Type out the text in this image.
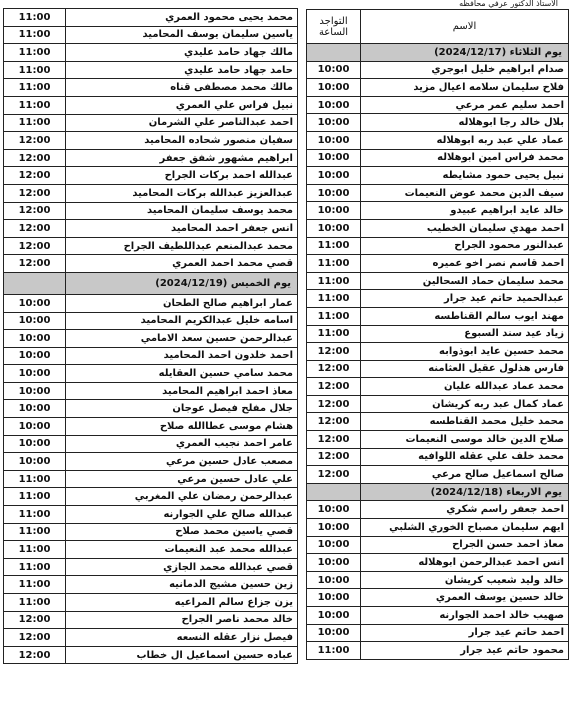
الأستاذ الدكتور عرفي محافظه
التواجد
الساعة	الاسم
	يوم الثلاثاء (2024/12/17)
10:00	صدام ابراهيم خليل ابوجري
10:00	فلاح سليمان سلامه اعيال مزيد
10:00	احمد سليم عمر مرعي
10:00	بلال خالد رجا ابوهلاله
10:00	عماد علي عبد ربه ابوهلاله
10:00	محمد فراس امين ابوهلاله
10:00	نبيل يحيى حمود مشايطه
10:00	سيف الدين محمد عوض النعيمات
10:00	خالد عايد ابراهيم عبيدو
10:00	احمد مهدي سليمان الخطيب
11:00	عبدالنور محمود الجراح
11:00	احمد قاسم نصر اخو عميره
11:00	محمد سليمان حماد السحالين
11:00	عبدالحميد حاتم عيد جرار
11:00	مهند ايوب سالم القناطسه
11:00	زياد عيد سند السبوع
12:00	محمد حسين عايد ابوذوابه
12:00	فارس هذلول عقيل العثامنه
12:00	محمد عماد عبدالله عليان
12:00	عماد كمال عبد ربه كريشان
12:00	محمد خليل محمد القناطسه
12:00	صلاح الدين خالد موسى النعيمات
12:00	محمد خلف علي عقله اللوافيه
12:00	صالح اسماعيل صالح مرعي
	يوم الاربعاء (2024/12/18)
10:00	احمد جعفر راسم شكري
10:00	ايهم سليمان مصباح الخوري الشلبي
10:00	معاذ احمد حسن الجراح
10:00	انس احمد عبدالرحمن ابوهلاله
10:00	خالد وليد شعيب كريشان
10:00	خالد حسين يوسف العمري
10:00	صهيب خالد احمد الجوارنه
10:00	احمد حاتم عيد جرار
11:00	محمود حاتم عيد جرار
11:00	محمد يحيى محمود العمري
11:00	ياسين سليمان يوسف المحاميد
11:00	مالك جهاد حامد عليدي
11:00	حامد جهاد حامد عليدي
11:00	مالك محمد مصطفى قناه
11:00	نبيل فراس علي العمري
11:00	احمد عبدالناصر علي الشرمان
12:00	سفيان منصور شحاده المحاميد
12:00	ابراهيم مشهور شفق جعفر
12:00	عبدالله احمد بركات الجراح
12:00	عبدالعزيز عبدالله بركات المحاميد
12:00	محمد يوسف سليمان المحاميد
12:00	انس جعفر احمد المحاميد
12:00	محمد عبدالمنعم عبداللطيف الجراح
12:00	قصي محمد احمد العمري
	يوم الخميس (2024/12/19)
10:00	عمار ابراهيم صالح الطحان
10:00	اسامه خليل عبدالكريم المحاميد
10:00	عبدالرحمن حسين سعد الامامي
10:00	احمد خلدون احمد المحاميد
10:00	محمد سامي حسين العقايله
10:00	معاذ احمد ابراهيم المحاميد
10:00	جلال مفلح فيصل عوجان
10:00	هشام موسى عطاالله صلاح
10:00	عامر احمد نجيب العمري
10:00	مصعب عادل حسين مرعي
11:00	علي عادل حسين مرعي
11:00	عبدالرحمن رمضان علي المغربي
11:00	عبدالله صالح علي الجوارنه
11:00	قصي ياسين محمد صلاح
11:00	عبدالله محمد عبد النعيمات
11:00	قصي عبدالله محمد الجازي
11:00	زين حسين مشيج الدمانيه
11:00	يزن جزاع سالم المراعيه
12:00	خالد محمد ناصر الجراح
12:00	فيصل نزار عقله النسعه
12:00	عباده حسين اسماعيل ال خطاب
